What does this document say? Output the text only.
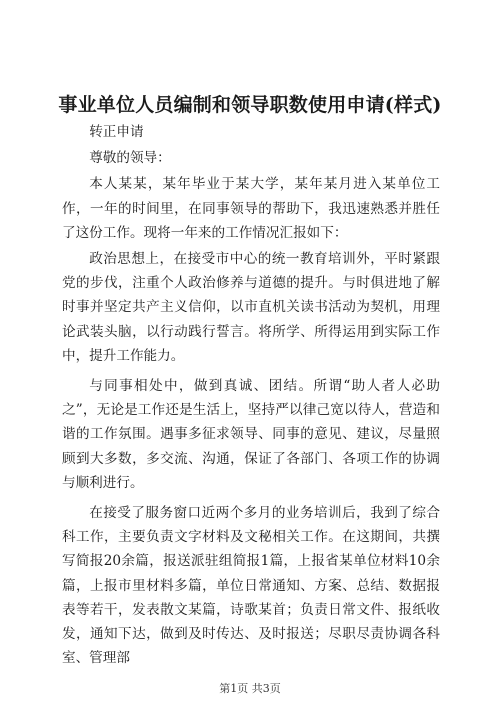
事业单位人员编制和领导职数使用申请(样式)

转正申请

尊敬的领导：

本人某某，某年毕业于某大学，某年某月进入某单位工作，一年的时间里，在同事领导的帮助下，我迅速熟悉并胜任了这份工作。现将一年来的工作情况汇报如下：

政治思想上，在接受市中心的统一教育培训外，平时紧跟党的步伐，注重个人政治修养与道德的提升。与时俱进地了解时事并坚定共产主义信仰，以市直机关读书活动为契机，用理论武装头脑，以行动践行誓言。将所学、所得运用到实际工作中，提升工作能力。

与同事相处中，做到真诚、团结。所谓“助人者人必助之”，无论是工作还是生活上，坚持严以律己宽以待人，营造和谐的工作氛围。遇事多征求领导、同事的意见、建议，尽量照顾到大多数，多交流、沟通，保证了各部门、各项工作的协调与顺利进行。

在接受了服务窗口近两个多月的业务培训后，我到了综合科工作，主要负责文字材料及文秘相关工作。在这期间，共撰写简报20余篇，报送派驻组简报1篇，上报省某单位材料10余篇，上报市里材料多篇，单位日常通知、方案、总结、数据报表等若干，发表散文某篇，诗歌某首；负责日常文件、报纸收发，通知下达，做到及时传达、及时报送；尽职尽责协调各科室、管理部

第1页 共3页
